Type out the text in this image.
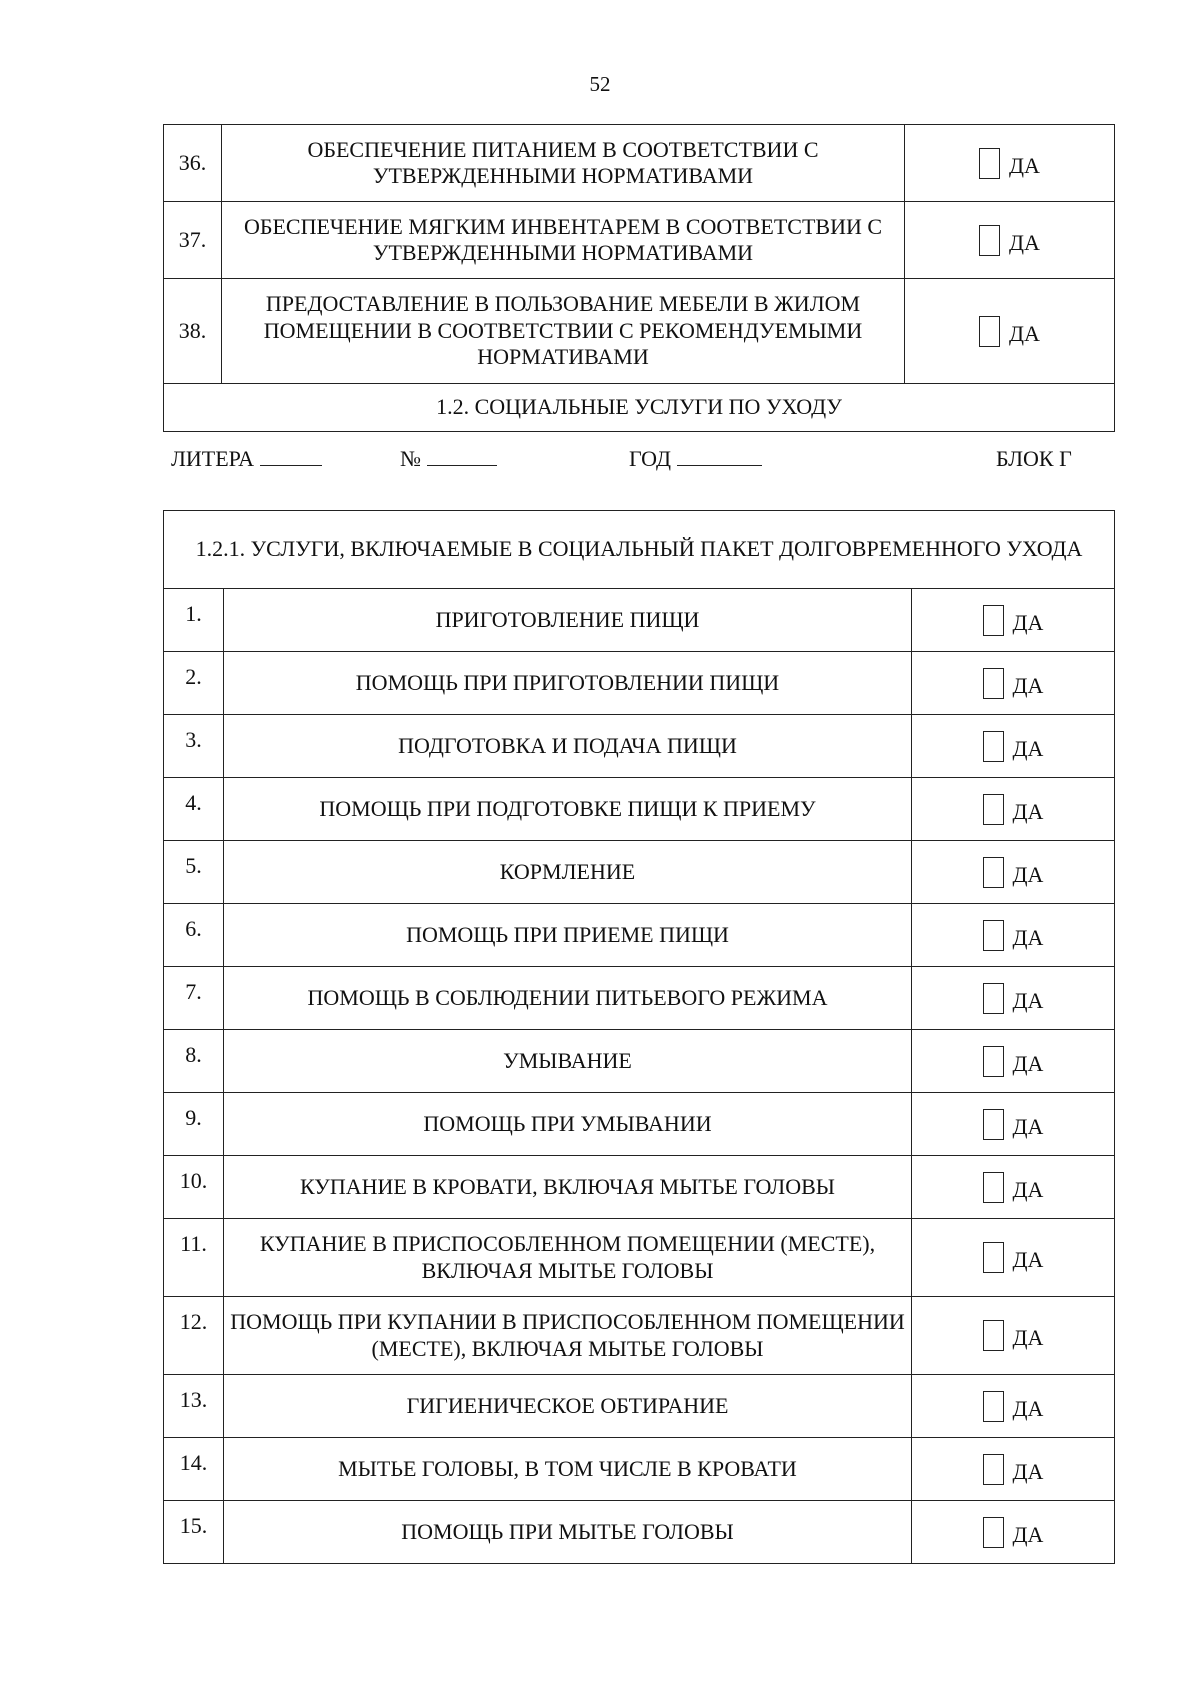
52
36.	ОБЕСПЕЧЕНИЕ ПИТАНИЕМ В СООТВЕТСТВИИ С УТВЕРЖДЕННЫМИ НОРМАТИВАМИ	ДА
37.	ОБЕСПЕЧЕНИЕ МЯГКИМ ИНВЕНТАРЕМ В СООТВЕТСТВИИ С УТВЕРЖДЕННЫМИ НОРМАТИВАМИ	ДА
38.	ПРЕДОСТАВЛЕНИЕ В ПОЛЬЗОВАНИЕ МЕБЕЛИ В ЖИЛОМ ПОМЕЩЕНИИ В СООТВЕТСТВИИ С РЕКОМЕНДУЕМЫМИ НОРМАТИВАМИ	ДА
1.2. СОЦИАЛЬНЫЕ УСЛУГИ ПО УХОДУ		
ЛИТЕРА	№	ГОД	БЛОК Г
1.2.1. УСЛУГИ, ВКЛЮЧАЕМЫЕ В СОЦИАЛЬНЫЙ ПАКЕТ ДОЛГОВРЕМЕННОГО УХОДА		
1.	ПРИГОТОВЛЕНИЕ ПИЩИ	ДА
2.	ПОМОЩЬ ПРИ ПРИГОТОВЛЕНИИ ПИЩИ	ДА
3.	ПОДГОТОВКА И ПОДАЧА ПИЩИ	ДА
4.	ПОМОЩЬ ПРИ ПОДГОТОВКЕ ПИЩИ К ПРИЕМУ	ДА
5.	КОРМЛЕНИЕ	ДА
6.	ПОМОЩЬ ПРИ ПРИЕМЕ ПИЩИ	ДА
7.	ПОМОЩЬ В СОБЛЮДЕНИИ ПИТЬЕВОГО РЕЖИМА	ДА
8.	УМЫВАНИЕ	ДА
9.	ПОМОЩЬ ПРИ УМЫВАНИИ	ДА
10.	КУПАНИЕ В КРОВАТИ, ВКЛЮЧАЯ МЫТЬЕ ГОЛОВЫ	ДА
11.	КУПАНИЕ В ПРИСПОСОБЛЕННОМ ПОМЕЩЕНИИ (МЕСТЕ), ВКЛЮЧАЯ МЫТЬЕ ГОЛОВЫ	ДА
12.	ПОМОЩЬ ПРИ КУПАНИИ В ПРИСПОСОБЛЕННОМ ПОМЕЩЕНИИ (МЕСТЕ), ВКЛЮЧАЯ МЫТЬЕ ГОЛОВЫ	ДА
13.	ГИГИЕНИЧЕСКОЕ ОБТИРАНИЕ	ДА
14.	МЫТЬЕ ГОЛОВЫ, В ТОМ ЧИСЛЕ В КРОВАТИ	ДА
15.	ПОМОЩЬ ПРИ МЫТЬЕ ГОЛОВЫ	ДА
